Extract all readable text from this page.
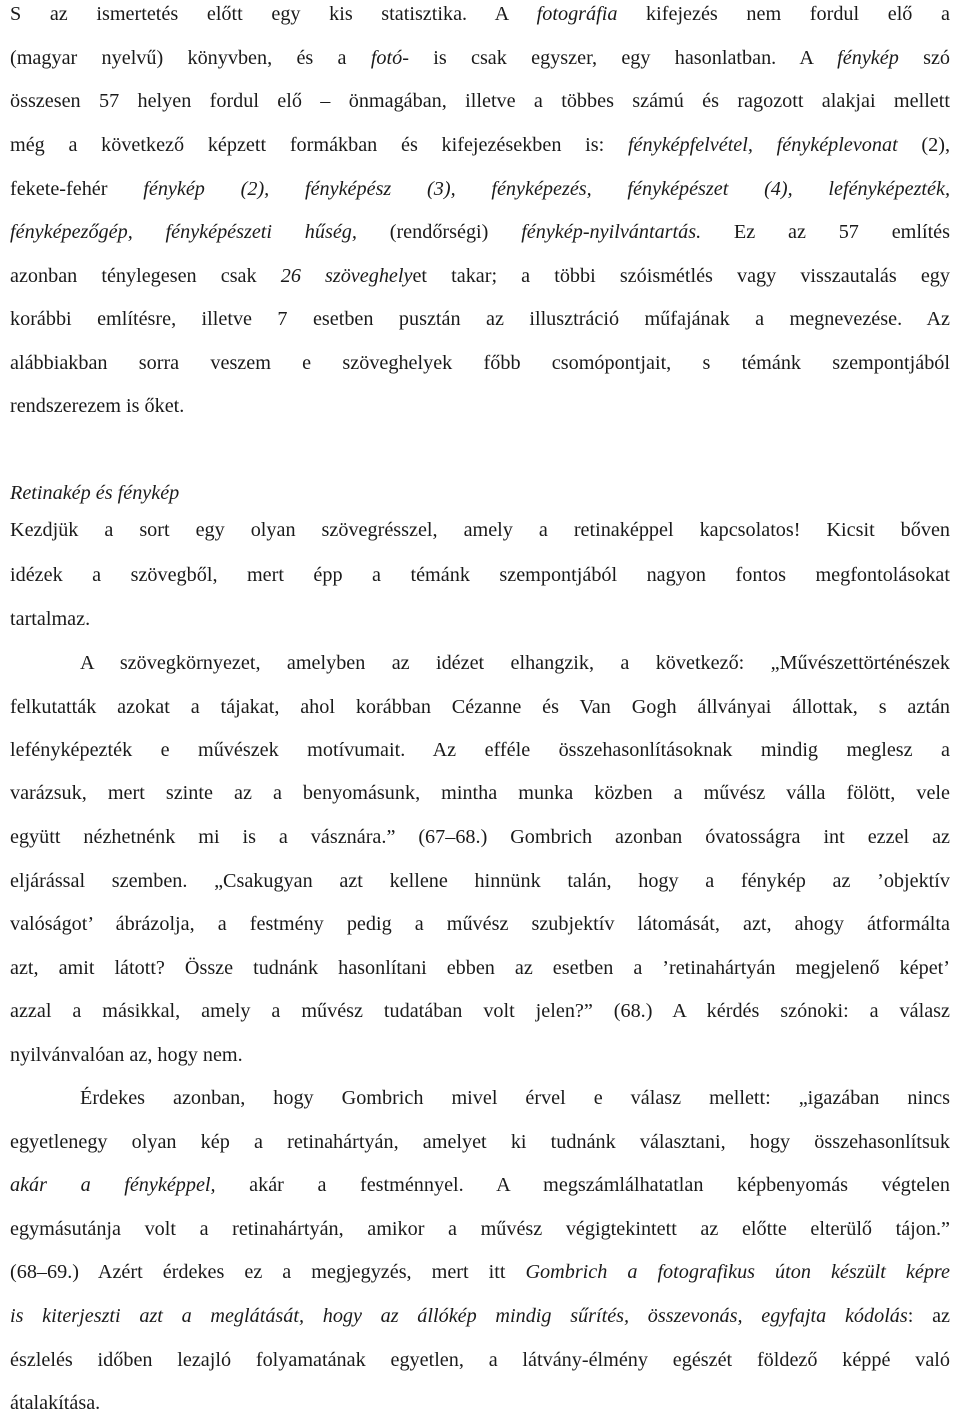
S az ismertetés előtt egy kis statisztika. A fotográfia kifejezés nem fordul elő a
(magyar nyelvű) könyvben, és a fotó- is csak egyszer, egy hasonlatban. A fénykép szó
összesen 57 helyen fordul elő – önmagában, illetve a többes számú és ragozott alakjai mellett
még a következő képzett formákban és kifejezésekben is: fényképfelvétel, fényképlevonat (2),
fekete-fehér fénykép (2), fényképész (3), fényképezés, fényképészet (4), lefényképezték,
fényképezőgép, fényképészeti hűség, (rendőrségi) fénykép-nyilvántartás. Ez az 57 említés
azonban ténylegesen csak 26 szöveghelyet takar; a többi szóismétlés vagy visszautalás egy
korábbi említésre, illetve 7 esetben pusztán az illusztráció műfajának a megnevezése. Az
alábbiakban sorra veszem e szöveghelyek főbb csomópontjait, s témánk szempontjából
rendszerezem is őket.
Retinakép és fénykép
Kezdjük a sort egy olyan szövegrésszel, amely a retinaképpel kapcsolatos! Kicsit bőven
idézek a szövegből, mert épp a témánk szempontjából nagyon fontos megfontolásokat
tartalmaz.
A szövegkörnyezet, amelyben az idézet elhangzik, a következő: „Művészettörténészek
felkutatták azokat a tájakat, ahol korábban Cézanne és Van Gogh állványai állottak, s aztán
lefényképezték e művészek motívumait. Az efféle összehasonlításoknak mindig meglesz a
varázsuk, mert szinte az a benyomásunk, mintha munka közben a művész válla fölött, vele
együtt nézhetnénk mi is a vásznára.” (67–68.) Gombrich azonban óvatosságra int ezzel az
eljárással szemben. „Csakugyan azt kellene hinnünk talán, hogy a fénykép az ’objektív
valóságot’ ábrázolja, a festmény pedig a művész szubjektív látomását, azt, ahogy átformálta
azt, amit látott? Össze tudnánk hasonlítani ebben az esetben a ’retinahártyán megjelenő képet’
azzal a másikkal, amely a művész tudatában volt jelen?” (68.) A kérdés szónoki: a válasz
nyilvánvalóan az, hogy nem.
Érdekes azonban, hogy Gombrich mivel érvel e válasz mellett: „igazában nincs
egyetlenegy olyan kép a retinahártyán, amelyet ki tudnánk választani, hogy összehasonlítsuk
akár a fényképpel, akár a festménnyel. A megszámlálhatatlan képbenyomás végtelen
egymásutánja volt a retinahártyán, amikor a művész végigtekintett az előtte elterülő tájon.”
(68–69.) Azért érdekes ez a megjegyzés, mert itt Gombrich a fotografikus úton készült képre
is kiterjeszti azt a meglátását, hogy az állókép mindig sűrítés, összevonás, egyfajta kódolás: az
észlelés időben lezajló folyamatának egyetlen, a látvány-élmény egészét földező képpé való
átalakítása.
